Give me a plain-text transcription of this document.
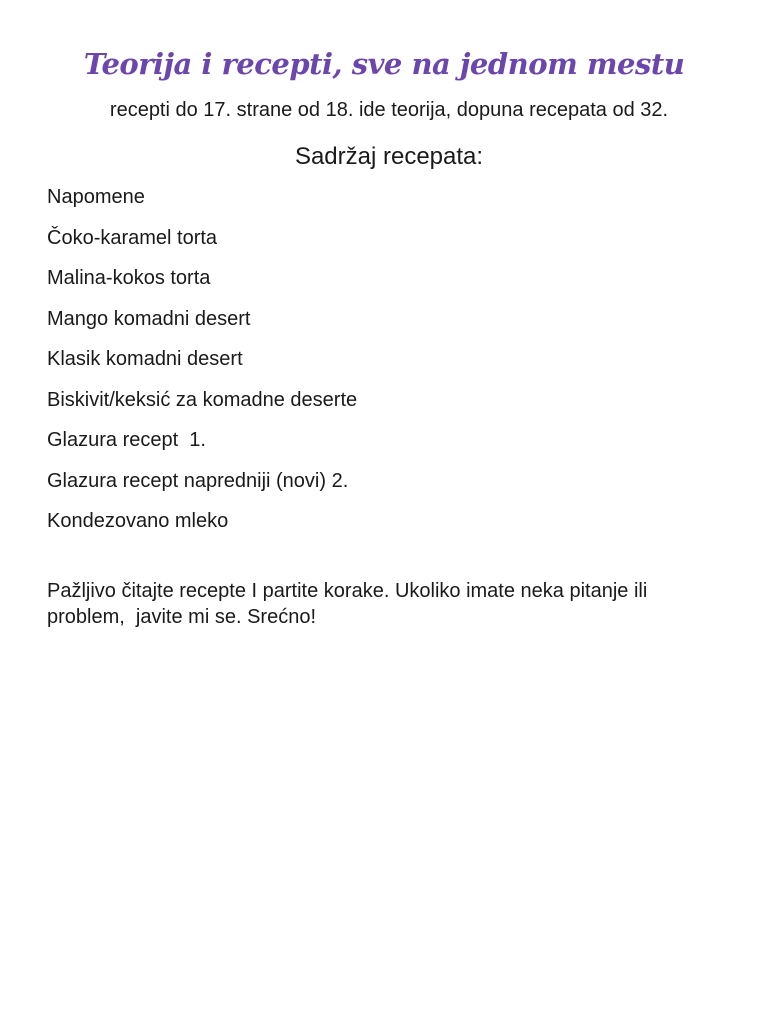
Teorija i recepti, sve na jednom mestu
recepti do 17. strane od 18. ide teorija, dopuna recepata od 32.
Sadržaj recepata:
Napomene
Čoko-karamel torta
Malina-kokos torta
Mango komadni desert
Klasik komadni desert
Biskivit/keksić za komadne deserte
Glazura recept  1.
Glazura recept napredniji (novi) 2.
Kondezovano mleko

Pažljivo čitajte recepte I partite korake. Ukoliko imate neka pitanje ili problem,  javite mi se. Srećno!
